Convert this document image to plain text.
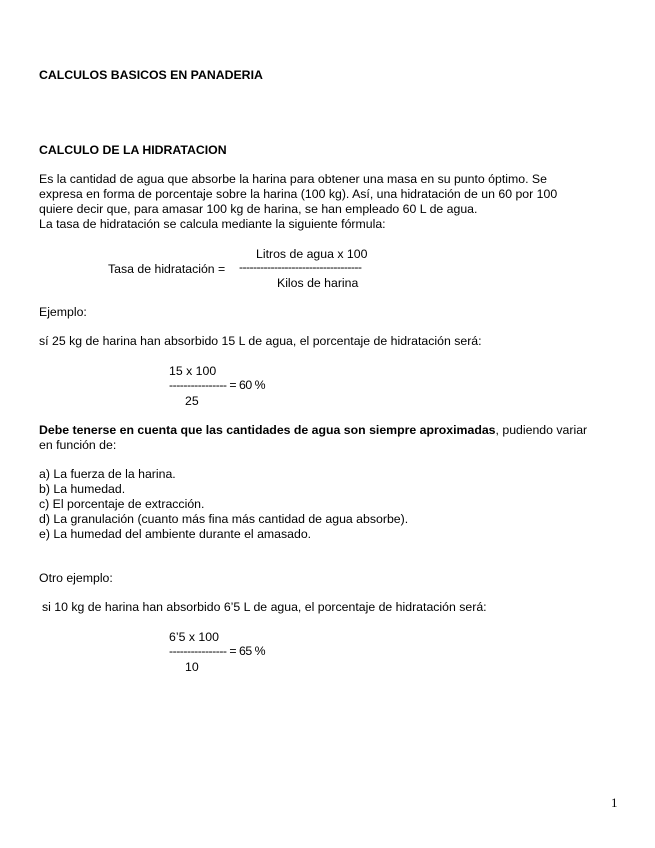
CALCULOS BASICOS EN PANADERIA
CALCULO DE LA HIDRATACION
Es la cantidad de agua que absorbe la harina para obtener una masa en su punto óptimo. Se
expresa en forma de porcentaje sobre la harina (100 kg). Así, una hidratación de un 60 por 100
quiere decir que, para amasar 100 kg de harina, se han empleado 60 L de agua.
La tasa de hidratación se calcula mediante la siguiente fórmula:
Litros de agua x 100
Tasa de hidratación = -----------------------------------
Kilos de harina
Ejemplo:
sí 25 kg de harina han absorbido 15 L de agua, el porcentaje de hidratación será:
15 x 100
---------------- = 60 %
25
Debe tenerse en cuenta que las cantidades de agua son siempre aproximadas, pudiendo variar
en función de:
a) La fuerza de la harina.
b) La humedad.
c) El porcentaje de extracción.
d) La granulación (cuanto más fina más cantidad de agua absorbe).
e) La humedad del ambiente durante el amasado.
Otro ejemplo:
si 10 kg de harina han absorbido 6’5 L de agua, el porcentaje de hidratación será:
6’5 x 100
---------------- = 65 %
10
1
